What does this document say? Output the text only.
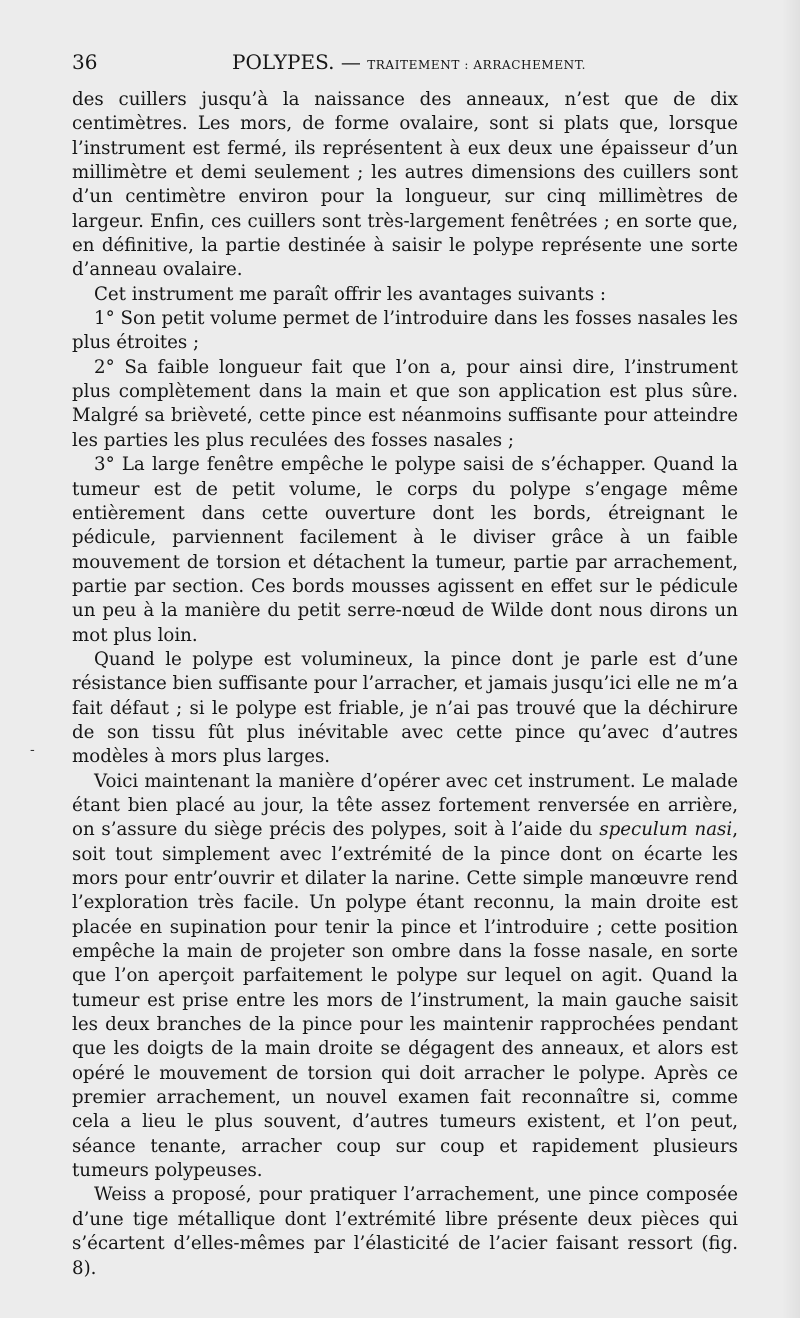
36	POLYPES. — TRAITEMENT : ARRACHEMENT.

des cuillers jusqu’à la naissance des anneaux, n’est que de dix centimètres. Les mors, de forme ovalaire, sont si plats que, lorsque l’instrument est fermé, ils représentent à eux deux une épaisseur d’un millimètre et demi seulement ; les autres dimensions des cuillers sont d’un centimètre environ pour la longueur, sur cinq millimètres de largeur. Enfin, ces cuillers sont très-largement fenêtrées ; en sorte que, en définitive, la partie destinée à saisir le polype représente une sorte d’anneau ovalaire.

Cet instrument me paraît offrir les avantages suivants :

1° Son petit volume permet de l’introduire dans les fosses nasales les plus étroites ;

2° Sa faible longueur fait que l’on a, pour ainsi dire, l’instrument plus complètement dans la main et que son application est plus sûre. Malgré sa brièveté, cette pince est néanmoins suffisante pour atteindre les parties les plus reculées des fosses nasales ;

3° La large fenêtre empêche le polype saisi de s’échapper. Quand la tumeur est de petit volume, le corps du polype s’engage même entièrement dans cette ouverture dont les bords, étreignant le pédicule, parviennent facilement à le diviser grâce à un faible mouvement de torsion et détachent la tumeur, partie par arrachement, partie par section. Ces bords mousses agissent en effet sur le pédicule un peu à la manière du petit serre-nœud de Wilde dont nous dirons un mot plus loin.

Quand le polype est volumineux, la pince dont je parle est d’une résistance bien suffisante pour l’arracher, et jamais jusqu’ici elle ne m’a fait défaut ; si le polype est friable, je n’ai pas trouvé que la déchirure de son tissu fût plus inévitable avec cette pince qu’avec d’autres modèles à mors plus larges.

Voici maintenant la manière d’opérer avec cet instrument. Le malade étant bien placé au jour, la tête assez fortement renversée en arrière, on s’assure du siège précis des polypes, soit à l’aide du speculum nasi, soit tout simplement avec l’extrémité de la pince dont on écarte les mors pour entr’ouvrir et dilater la narine. Cette simple manœuvre rend l’exploration très facile. Un polype étant reconnu, la main droite est placée en supination pour tenir la pince et l’introduire ; cette position empêche la main de projeter son ombre dans la fosse nasale, en sorte que l’on aperçoit parfaitement le polype sur lequel on agit. Quand la tumeur est prise entre les mors de l’instrument, la main gauche saisit les deux branches de la pince pour les maintenir rapprochées pendant que les doigts de la main droite se dégagent des anneaux, et alors est opéré le mouvement de torsion qui doit arracher le polype. Après ce premier arrachement, un nouvel examen fait reconnaître si, comme cela a lieu le plus souvent, d’autres tumeurs existent, et l’on peut, séance tenante, arracher coup sur coup et rapidement plusieurs tumeurs polypeuses.

Weiss a proposé, pour pratiquer l’arrachement, une pince composée d’une tige métallique dont l’extrémité libre présente deux pièces qui s’écartent d’elles-mêmes par l’élasticité de l’acier faisant ressort (fig. 8).

-
